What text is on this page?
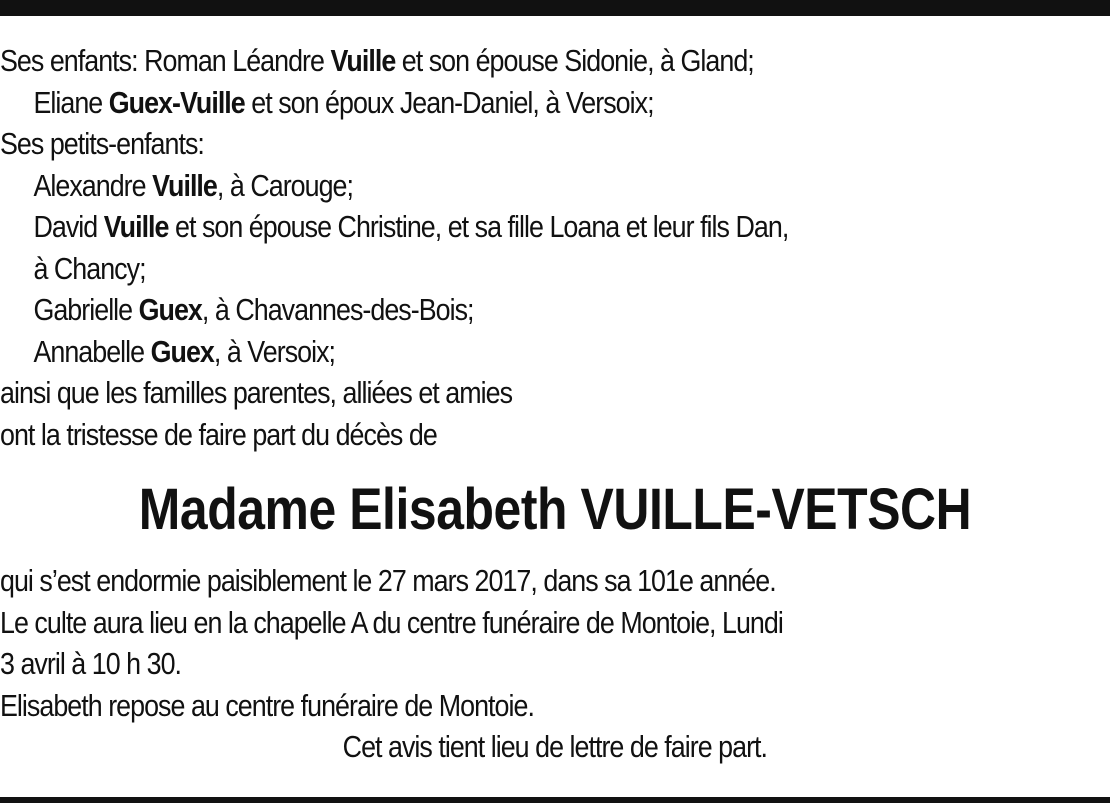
Ses enfants: Roman Léandre Vuille et son épouse Sidonie, à Gland;
Eliane Guex-Vuille et son époux Jean-Daniel, à Versoix;
Ses petits-enfants:
Alexandre Vuille, à Carouge;
David Vuille et son épouse Christine, et sa fille Loana et leur fils Dan,
à Chancy;
Gabrielle Guex, à Chavannes-des-Bois;
Annabelle Guex, à Versoix;
ainsi que les familles parentes, alliées et amies
ont la tristesse de faire part du décès de
Madame Elisabeth VUILLE-VETSCH
qui s’est endormie paisiblement le 27 mars 2017, dans sa 101e année.
Le culte aura lieu en la chapelle A du centre funéraire de Montoie, Lundi
3 avril à 10 h 30.
Elisabeth repose au centre funéraire de Montoie.
Cet avis tient lieu de lettre de faire part.
